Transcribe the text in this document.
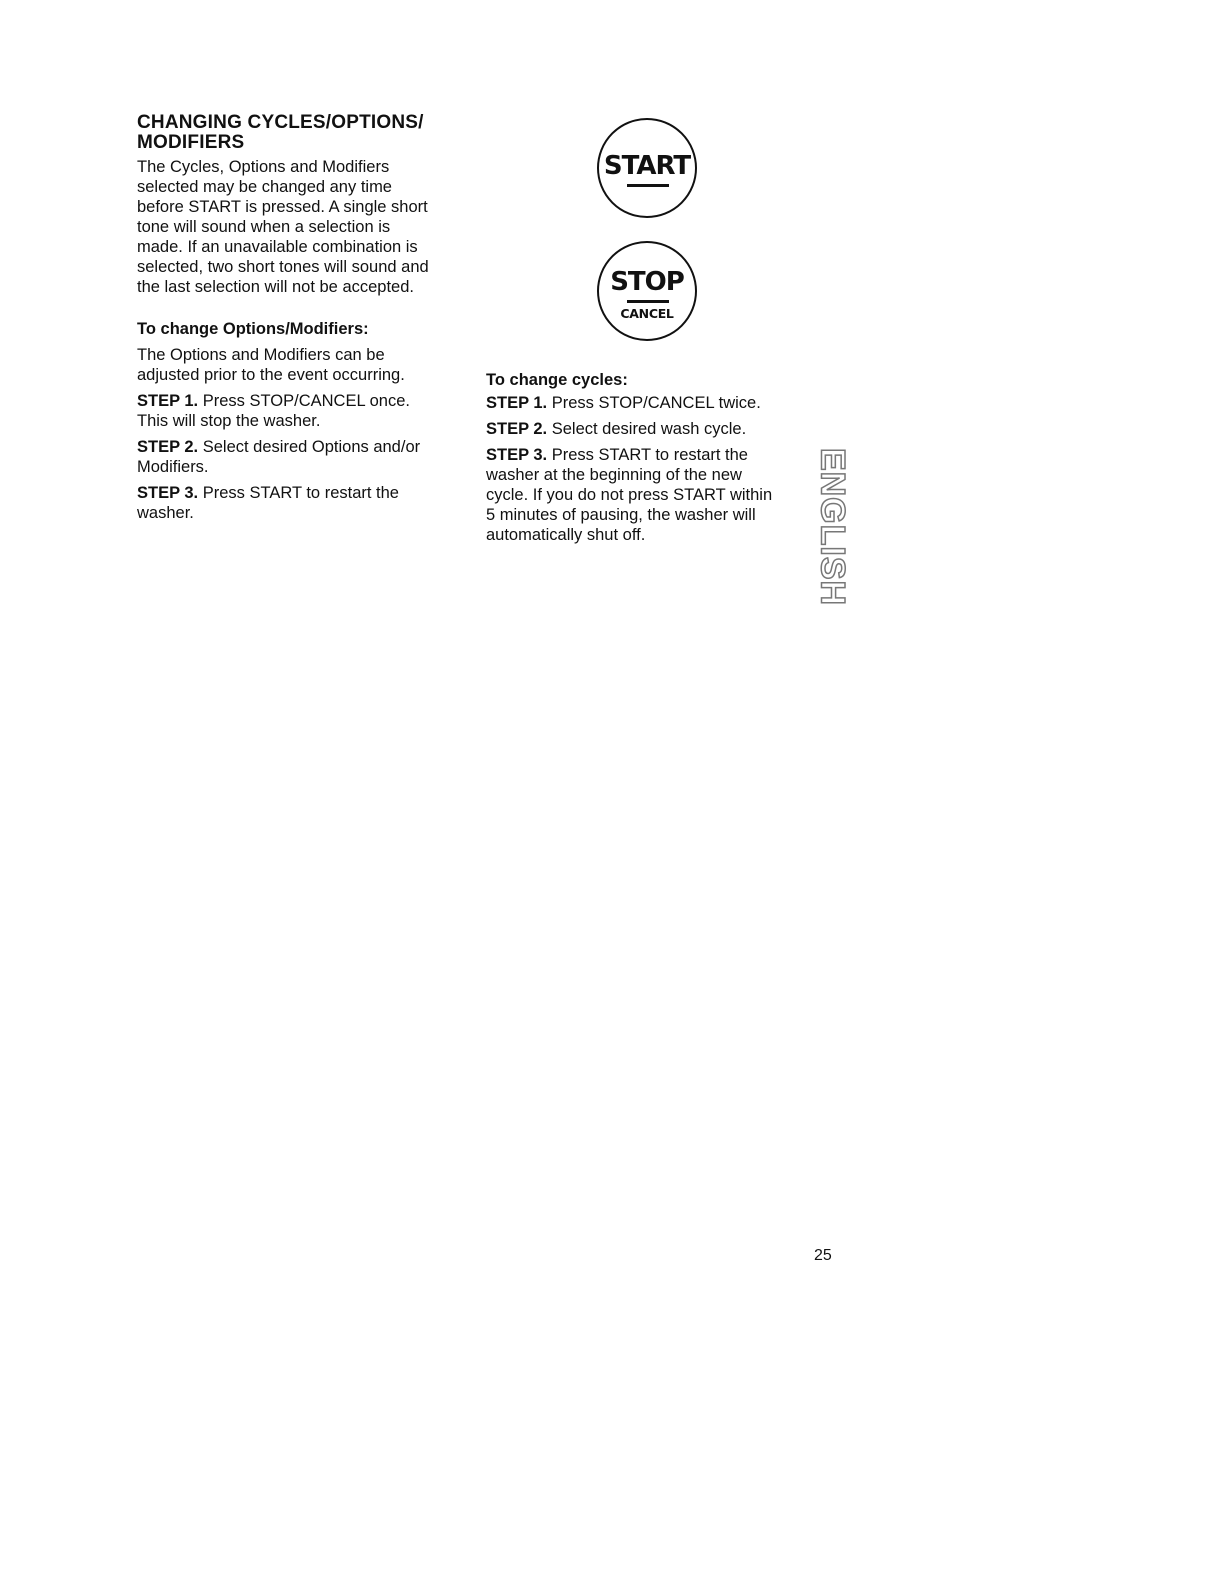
CHANGING CYCLES/OPTIONS/
MODIFIERS
The Cycles, Options and Modifiers
selected may be changed any time
before START is pressed. A single short
tone will sound when a selection is
made. If an unavailable combination is
selected, two short tones will sound and
the last selection will not be accepted.
To change Options/Modifiers:
The Options and Modifiers can be
adjusted prior to the event occurring.
STEP 1. Press STOP/CANCEL once.
This will stop the washer.
STEP 2. Select desired Options and/or
Modifiers.
STEP 3. Press START to restart the
washer.
START
STOP
CANCEL
To change cycles:
STEP 1. Press STOP/CANCEL twice.
STEP 2. Select desired wash cycle.
STEP 3. Press START to restart the
washer at the beginning of the new
cycle. If you do not press START within
5 minutes of pausing, the washer will
automatically shut off.	ENGLISH
25
